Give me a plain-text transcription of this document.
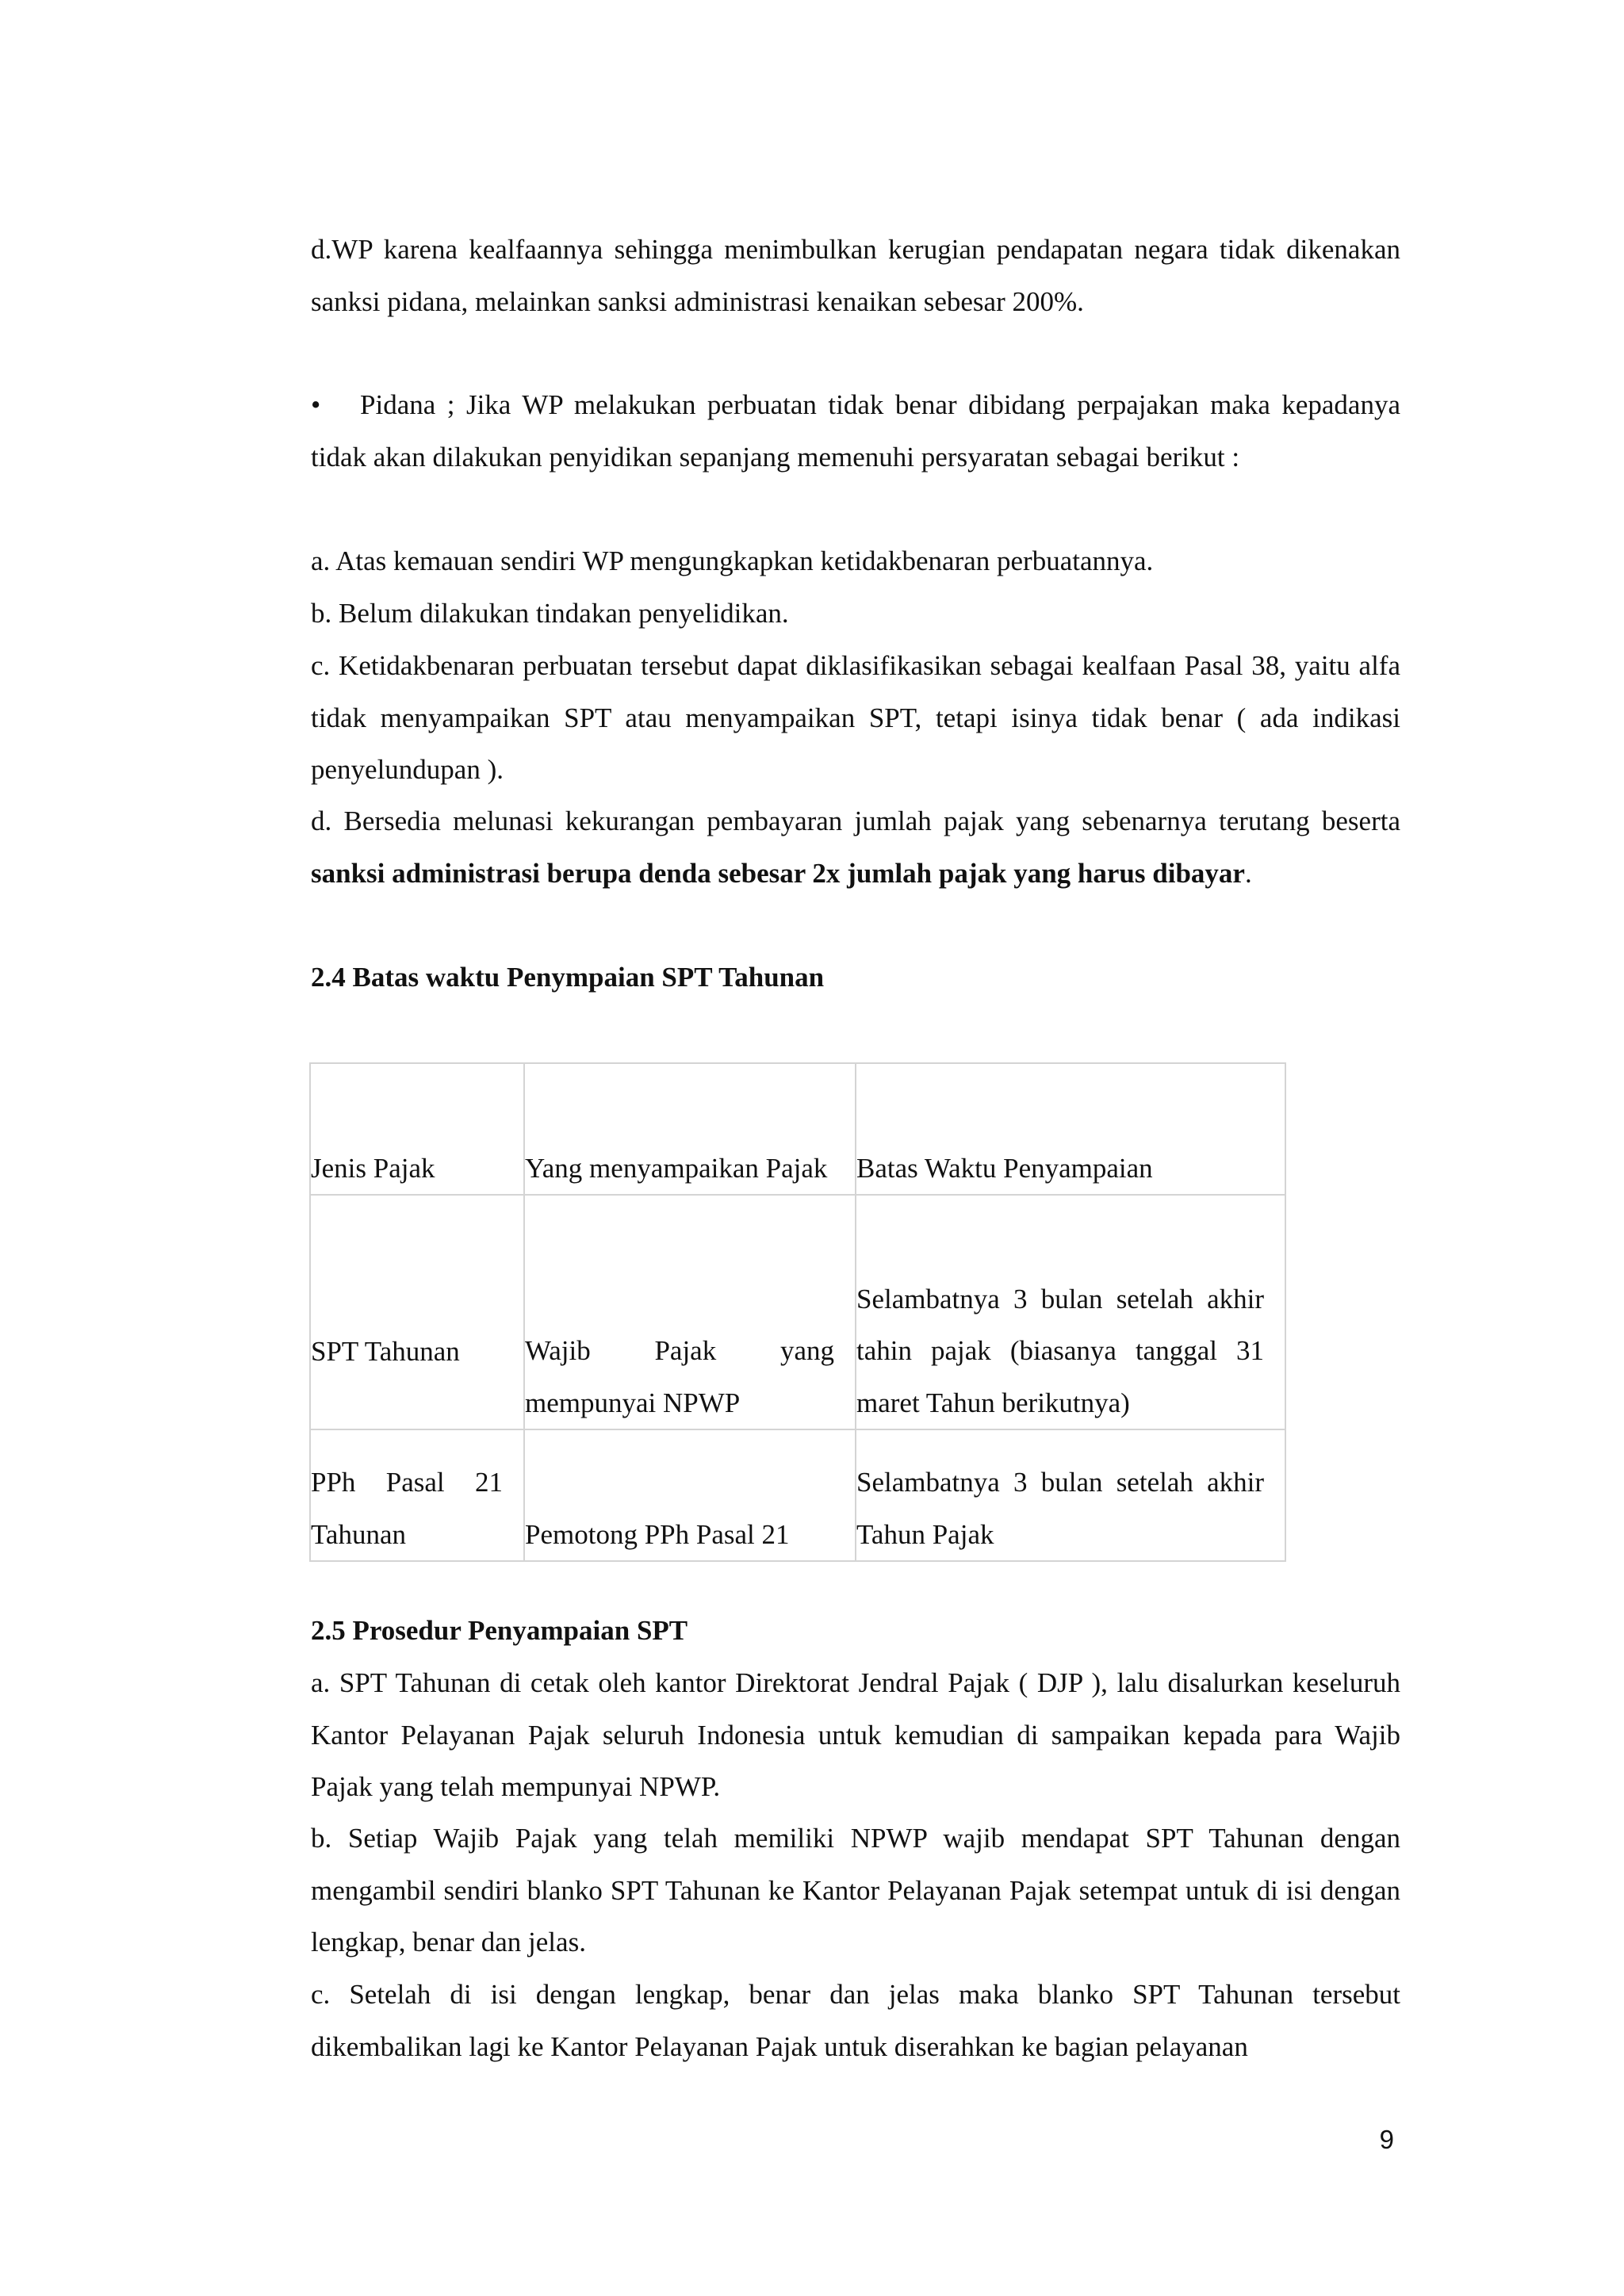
d.WP karena kealfaannya sehingga menimbulkan kerugian pendapatan negara tidak dikenakan sanksi pidana, melainkan sanksi administrasi kenaikan sebesar 200%.
• Pidana ; Jika WP melakukan perbuatan tidak benar dibidang perpajakan maka kepadanya tidak akan dilakukan penyidikan sepanjang memenuhi persyaratan sebagai berikut :
a. Atas kemauan sendiri WP mengungkapkan ketidakbenaran perbuatannya.
b. Belum dilakukan tindakan penyelidikan.
c. Ketidakbenaran perbuatan tersebut dapat diklasifikasikan sebagai kealfaan Pasal 38, yaitu alfa tidak menyampaikan SPT atau menyampaikan SPT, tetapi isinya tidak benar ( ada indikasi penyelundupan ).
d. Bersedia melunasi kekurangan pembayaran jumlah pajak yang sebenarnya terutang beserta sanksi administrasi berupa denda sebesar 2x jumlah pajak yang harus dibayar.
2.4 Batas waktu Penympaian SPT Tahunan
Jenis Pajak	Yang menyampaikan Pajak	Batas Waktu Penyampaian

SPT Tahunan	Wajib Pajak yang mempunyai NPWP	Selambatnya 3 bulan setelah akhir tahin pajak (biasanya tanggal 31 maret Tahun berikutnya)

PPh Pasal 21 Tahunan	Pemotong PPh Pasal 21	Selambatnya 3 bulan setelah akhir Tahun Pajak
2.5 Prosedur Penyampaian SPT
a. SPT Tahunan di cetak oleh kantor Direktorat Jendral Pajak ( DJP ), lalu disalurkan keseluruh Kantor Pelayanan Pajak seluruh Indonesia untuk kemudian di sampaikan kepada para Wajib Pajak yang telah mempunyai NPWP.
b. Setiap Wajib Pajak yang telah memiliki NPWP wajib mendapat SPT Tahunan dengan mengambil sendiri blanko SPT Tahunan ke Kantor Pelayanan Pajak setempat untuk di isi dengan lengkap, benar dan jelas.
c. Setelah di isi dengan lengkap, benar dan jelas maka blanko SPT Tahunan tersebut dikembalikan lagi ke Kantor Pelayanan Pajak untuk diserahkan ke bagian pelayanan
9
